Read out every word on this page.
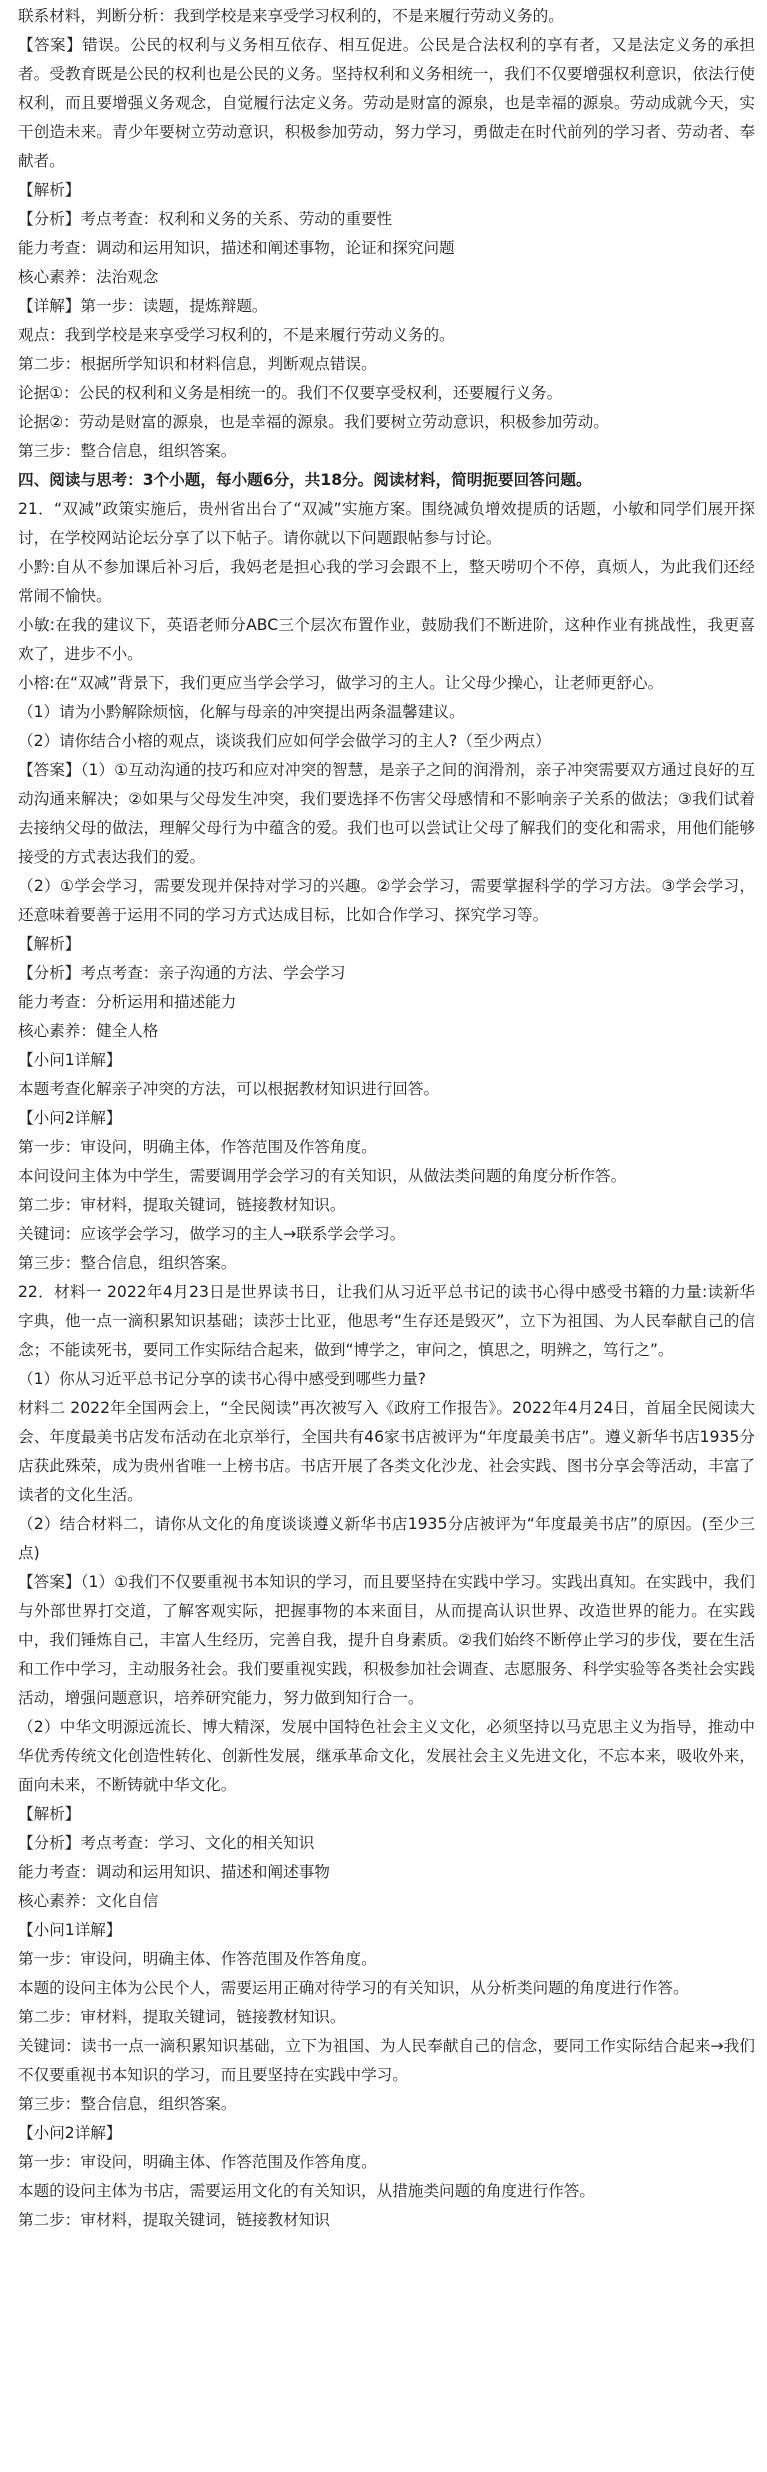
联系材料，判断分析：我到学校是来享受学习权利的，不是来履行劳动义务的。

【答案】错误。公民的权利与义务相互依存、相互促进。公民是合法权利的享有者，又是法定义务的承担者。受教育既是公民的权利也是公民的义务。坚持权利和义务相统一，我们不仅要增强权利意识，依法行使权利，而且要增强义务观念，自觉履行法定义务。劳动是财富的源泉，也是幸福的源泉。劳动成就今天，实干创造未来。青少年要树立劳动意识，积极参加劳动，努力学习，勇做走在时代前列的学习者、劳动者、奉献者。

【解析】

【分析】考点考查：权利和义务的关系、劳动的重要性

能力考查：调动和运用知识，描述和阐述事物，论证和探究问题

核心素养：法治观念

【详解】第一步：读题，提炼辩题。

观点：我到学校是来享受学习权利的，不是来履行劳动义务的。

第二步：根据所学知识和材料信息，判断观点错误。

论据①：公民的权利和义务是相统一的。我们不仅要享受权利，还要履行义务。

论据②：劳动是财富的源泉，也是幸福的源泉。我们要树立劳动意识，积极参加劳动。

第三步：整合信息，组织答案。

四、阅读与思考：3个小题，每小题6分，共18分。阅读材料，简明扼要回答问题。

21．“双减”政策实施后，贵州省出台了“双减”实施方案。围绕减负增效提质的话题，小敏和同学们展开探讨，在学校网站论坛分享了以下帖子。请你就以下问题跟帖参与讨论。

小黔:自从不参加课后补习后，我妈老是担心我的学习会跟不上，整天唠叨个不停，真烦人，为此我们还经常闹不愉快。

小敏:在我的建议下，英语老师分ABC三个层次布置作业，鼓励我们不断进阶，这种作业有挑战性，我更喜欢了，进步不小。

小榕:在“双减”背景下，我们更应当学会学习，做学习的主人。让父母少操心，让老师更舒心。

（1）请为小黔解除烦恼，化解与母亲的冲突提出两条温馨建议。

（2）请你结合小榕的观点，谈谈我们应如何学会做学习的主人?（至少两点）

【答案】（1）①互动沟通的技巧和应对冲突的智慧，是亲子之间的润滑剂，亲子冲突需要双方通过良好的互动沟通来解决；②如果与父母发生冲突，我们要选择不伤害父母感情和不影响亲子关系的做法；③我们试着去接纳父母的做法，理解父母行为中蕴含的爱。我们也可以尝试让父母了解我们的变化和需求，用他们能够接受的方式表达我们的爱。

（2）①学会学习，需要发现并保持对学习的兴趣。②学会学习，需要掌握科学的学习方法。③学会学习，还意味着要善于运用不同的学习方式达成目标，比如合作学习、探究学习等。

【解析】

【分析】考点考查：亲子沟通的方法、学会学习

能力考查：分析运用和描述能力

核心素养：健全人格

【小问1详解】

本题考查化解亲子冲突的方法，可以根据教材知识进行回答。

【小问2详解】

第一步：审设问，明确主体，作答范围及作答角度。

本问设问主体为中学生，需要调用学会学习的有关知识，从做法类问题的角度分析作答。

第二步：审材料，提取关键词，链接教材知识。

关键词：应该学会学习，做学习的主人→联系学会学习。

第三步：整合信息，组织答案。

22．材料一 2022年4月23日是世界读书日，让我们从习近平总书记的读书心得中感受书籍的力量:读新华字典，他一点一滴积累知识基础；读莎士比亚，他思考“生存还是毁灭”，立下为祖国、为人民奉献自己的信念；不能读死书，要同工作实际结合起来，做到“博学之，审问之，慎思之，明辨之，笃行之”。

（1）你从习近平总书记分享的读书心得中感受到哪些力量?

材料二 2022年全国两会上，“全民阅读”再次被写入《政府工作报告》。2022年4月24日，首届全民阅读大会、年度最美书店发布活动在北京举行，全国共有46家书店被评为“年度最美书店”。遵义新华书店1935分店获此殊荣，成为贵州省唯一上榜书店。书店开展了各类文化沙龙、社会实践、图书分享会等活动，丰富了读者的文化生活。

（2）结合材料二，请你从文化的角度谈谈遵义新华书店1935分店被评为“年度最美书店”的原因。(至少三点)

【答案】（1）①我们不仅要重视书本知识的学习，而且要坚持在实践中学习。实践出真知。在实践中，我们与外部世界打交道，了解客观实际，把握事物的本来面目，从而提高认识世界、改造世界的能力。在实践中，我们锤炼自己，丰富人生经历，完善自我，提升自身素质。②我们始终不断停止学习的步伐，要在生活和工作中学习，主动服务社会。我们要重视实践，积极参加社会调查、志愿服务、科学实验等各类社会实践活动，增强问题意识，培养研究能力，努力做到知行合一。

（2）中华文明源远流长、博大精深，发展中国特色社会主义文化，必须坚持以马克思主义为指导，推动中华优秀传统文化创造性转化、创新性发展，继承革命文化，发展社会主义先进文化，不忘本来，吸收外来，面向未来，不断铸就中华文化。

【解析】

【分析】考点考查：学习、文化的相关知识

能力考查：调动和运用知识、描述和阐述事物

核心素养：文化自信

【小问1详解】

第一步：审设问，明确主体、作答范围及作答角度。

本题的设问主体为公民个人，需要运用正确对待学习的有关知识，从分析类问题的角度进行作答。

第二步：审材料，提取关键词，链接教材知识。

关键词：读书一点一滴积累知识基础，立下为祖国、为人民奉献自己的信念，要同工作实际结合起来→我们不仅要重视书本知识的学习，而且要坚持在实践中学习。

第三步：整合信息，组织答案。

【小问2详解】

第一步：审设问，明确主体、作答范围及作答角度。

本题的设问主体为书店，需要运用文化的有关知识，从措施类问题的角度进行作答。

第二步：审材料，提取关键词，链接教材知识
